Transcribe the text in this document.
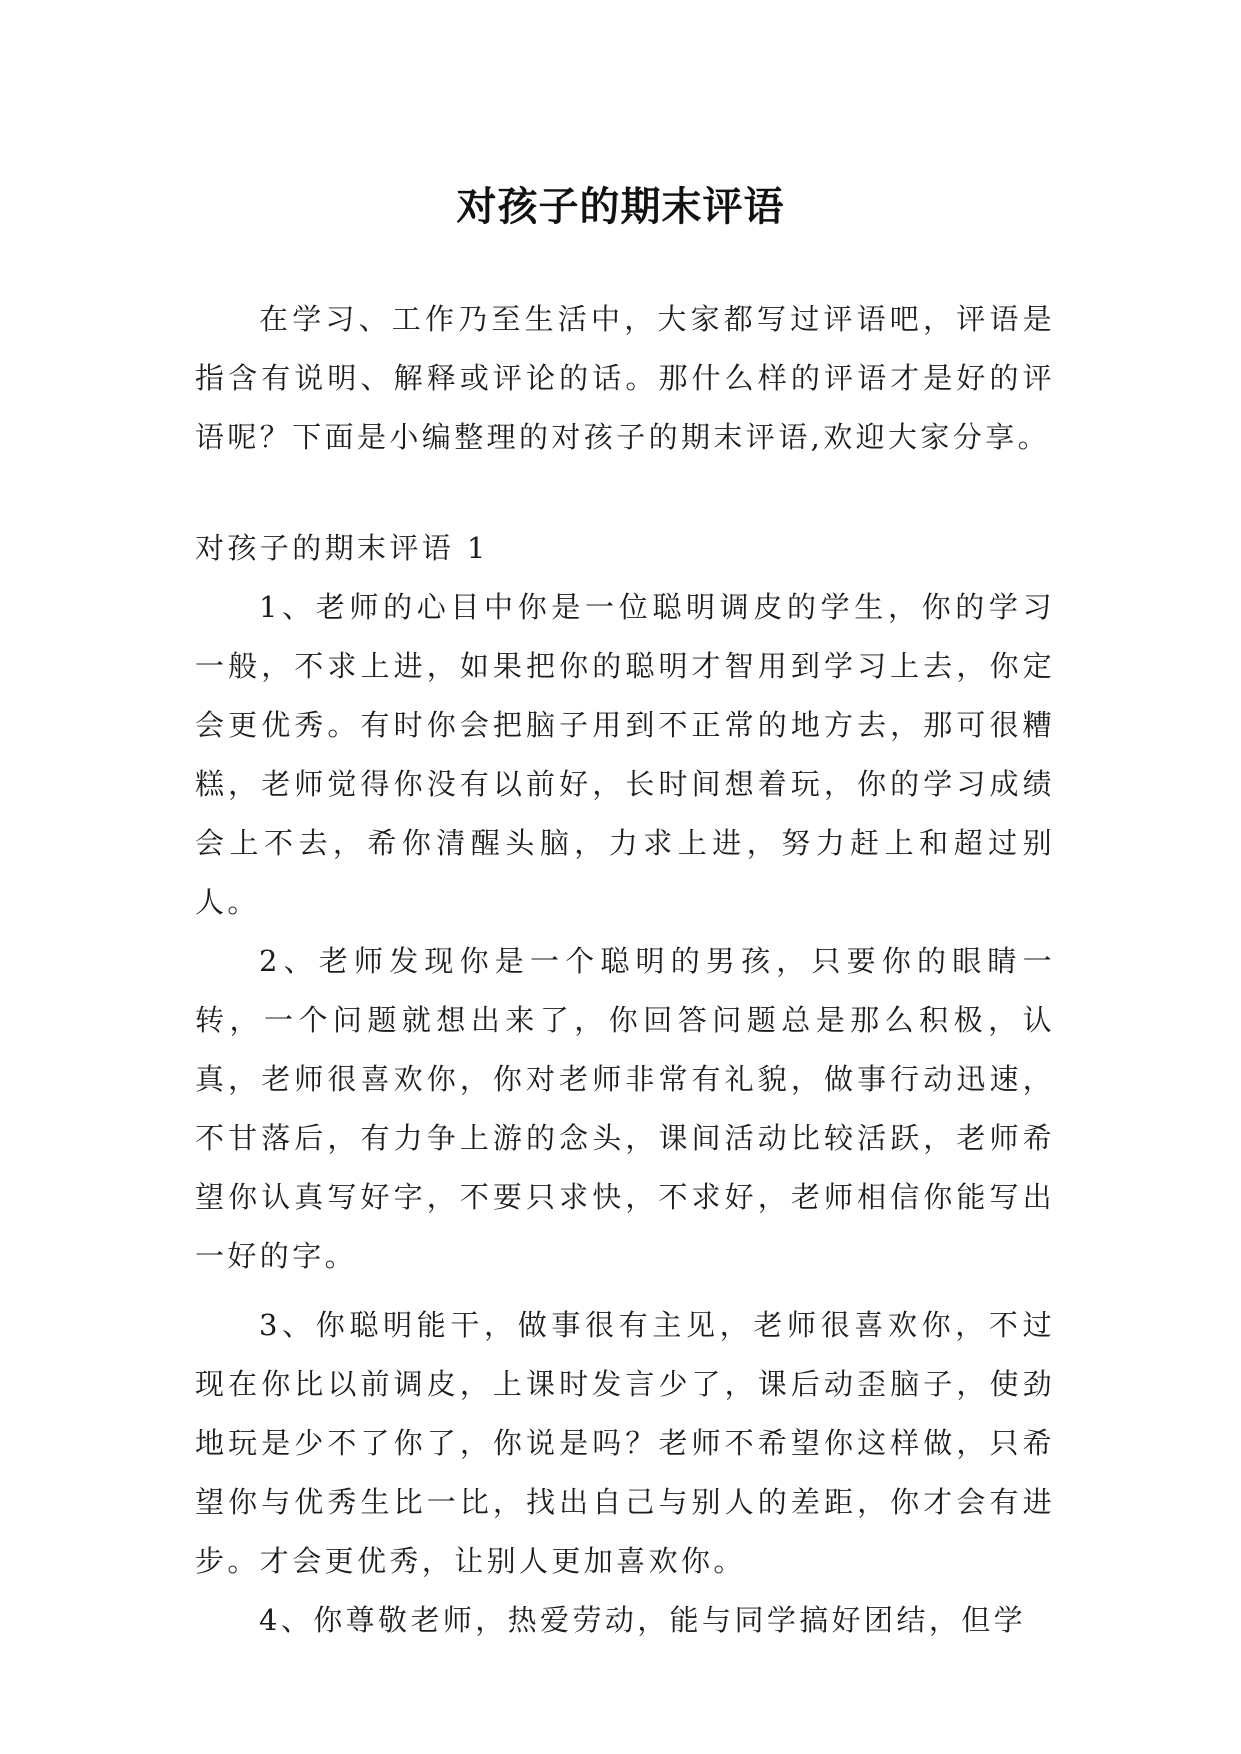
对孩子的期末评语

在学习、工作乃至生活中，大家都写过评语吧，评语是指含有说明、解释或评论的话。那什么样的评语才是好的评语呢？下面是小编整理的对孩子的期末评语,欢迎大家分享。

对孩子的期末评语 1

1、老师的心目中你是一位聪明调皮的学生，你的学习一般，不求上进，如果把你的聪明才智用到学习上去，你定会更优秀。有时你会把脑子用到不正常的地方去，那可很糟糕，老师觉得你没有以前好，长时间想着玩，你的学习成绩会上不去，希你清醒头脑，力求上进，努力赶上和超过别人。

2、老师发现你是一个聪明的男孩，只要你的眼睛一转，一个问题就想出来了，你回答问题总是那么积极，认真，老师很喜欢你，你对老师非常有礼貌，做事行动迅速，不甘落后，有力争上游的念头，课间活动比较活跃，老师希望你认真写好字，不要只求快，不求好，老师相信你能写出一好的字。

3、你聪明能干，做事很有主见，老师很喜欢你，不过现在你比以前调皮，上课时发言少了，课后动歪脑子，使劲地玩是少不了你了，你说是吗？老师不希望你这样做，只希望你与优秀生比一比，找出自己与别人的差距，你才会有进步。才会更优秀，让别人更加喜欢你。

4、你尊敬老师，热爱劳动，能与同学搞好团结，但学
